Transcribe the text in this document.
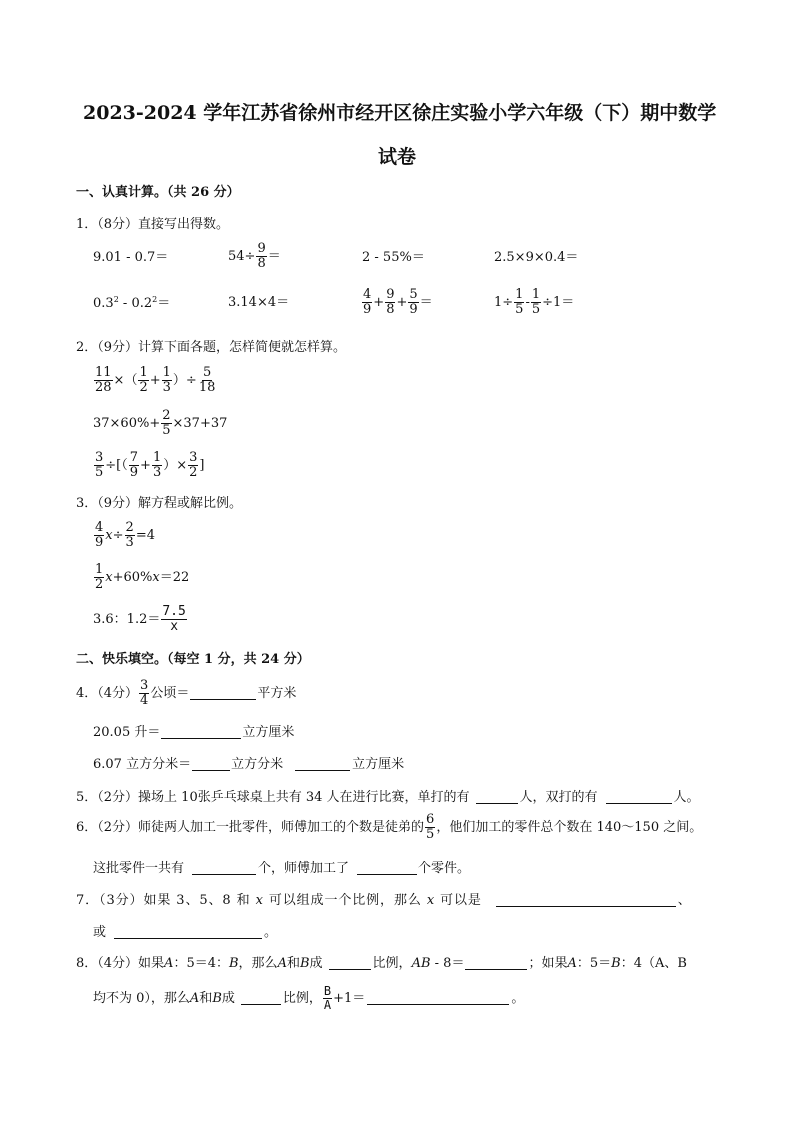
2023-2024 学年江苏省徐州市经开区徐庄实验小学六年级（下）期中数学
试卷
一、认真计算。（共 26 分）
1．（8分）直接写出得数。
9.01 - 0.7＝	$54\div \frac{9}{8}$ ＝	2 - 55%＝	2.5×9×0.4＝
$0.3^2 - 0.2^2=$	3.14×4＝	$\frac{4}{9} + \frac{9}{8} + \frac{5}{9}$ ＝	$1\div \frac{1}{5} - \frac{1}{5} \div 1=$
2．（9分）计算下面各题，怎样简便就怎样算。
$\frac{11}{28}$ ×（ $\frac{1}{2} + \frac{1}{3}$ ）÷ $\frac{5}{18}$
$37\times 60\%+ \frac{2}{5} \times 37+37$
$\frac{3}{5}$ ÷[（ $\frac{7}{9} + \frac{1}{3}$ ）× $\frac{3}{2}$ ]
3．（9分）解方程或解比例。
$\frac{4}{9}$ $x \div \frac{2}{3} =4$
$\frac{1}{2}$ x +60% x ＝22
3.6：$1.2= \frac{7.5}{x}$
二、快乐填空。（每空 1 分，共 24 分）
4．（4分） $\frac{3}{4}$ 公顷＝	平方米
20.05 升＝	立方厘米
6.07 立方分米＝	立方分米	立方厘米
5．（2分）操场上 10张乒乓球桌上共有 34 人在进行比赛，单打的有	人，双打的有	人。
6．（2分）师徒两人加工一批零件，师傅加工的个数是徒弟的 $\frac{6}{5}$ ，他们加工的零件总个数在 140～150 之间。
这批零件一共有	个，师傅加工了	个零件。
7．（3分）如果 3、5、8 和 x 可以组成一个比例，那么 x 可以是	、
或	。
8．（4分）如果A：5＝4：B，那么A和B成	比例，AB - 8＝	；如果A：5＝B：4（A、B
均不为 0），那么 A 和 B 成	比例， $\frac{B}{A} +1=$	。
